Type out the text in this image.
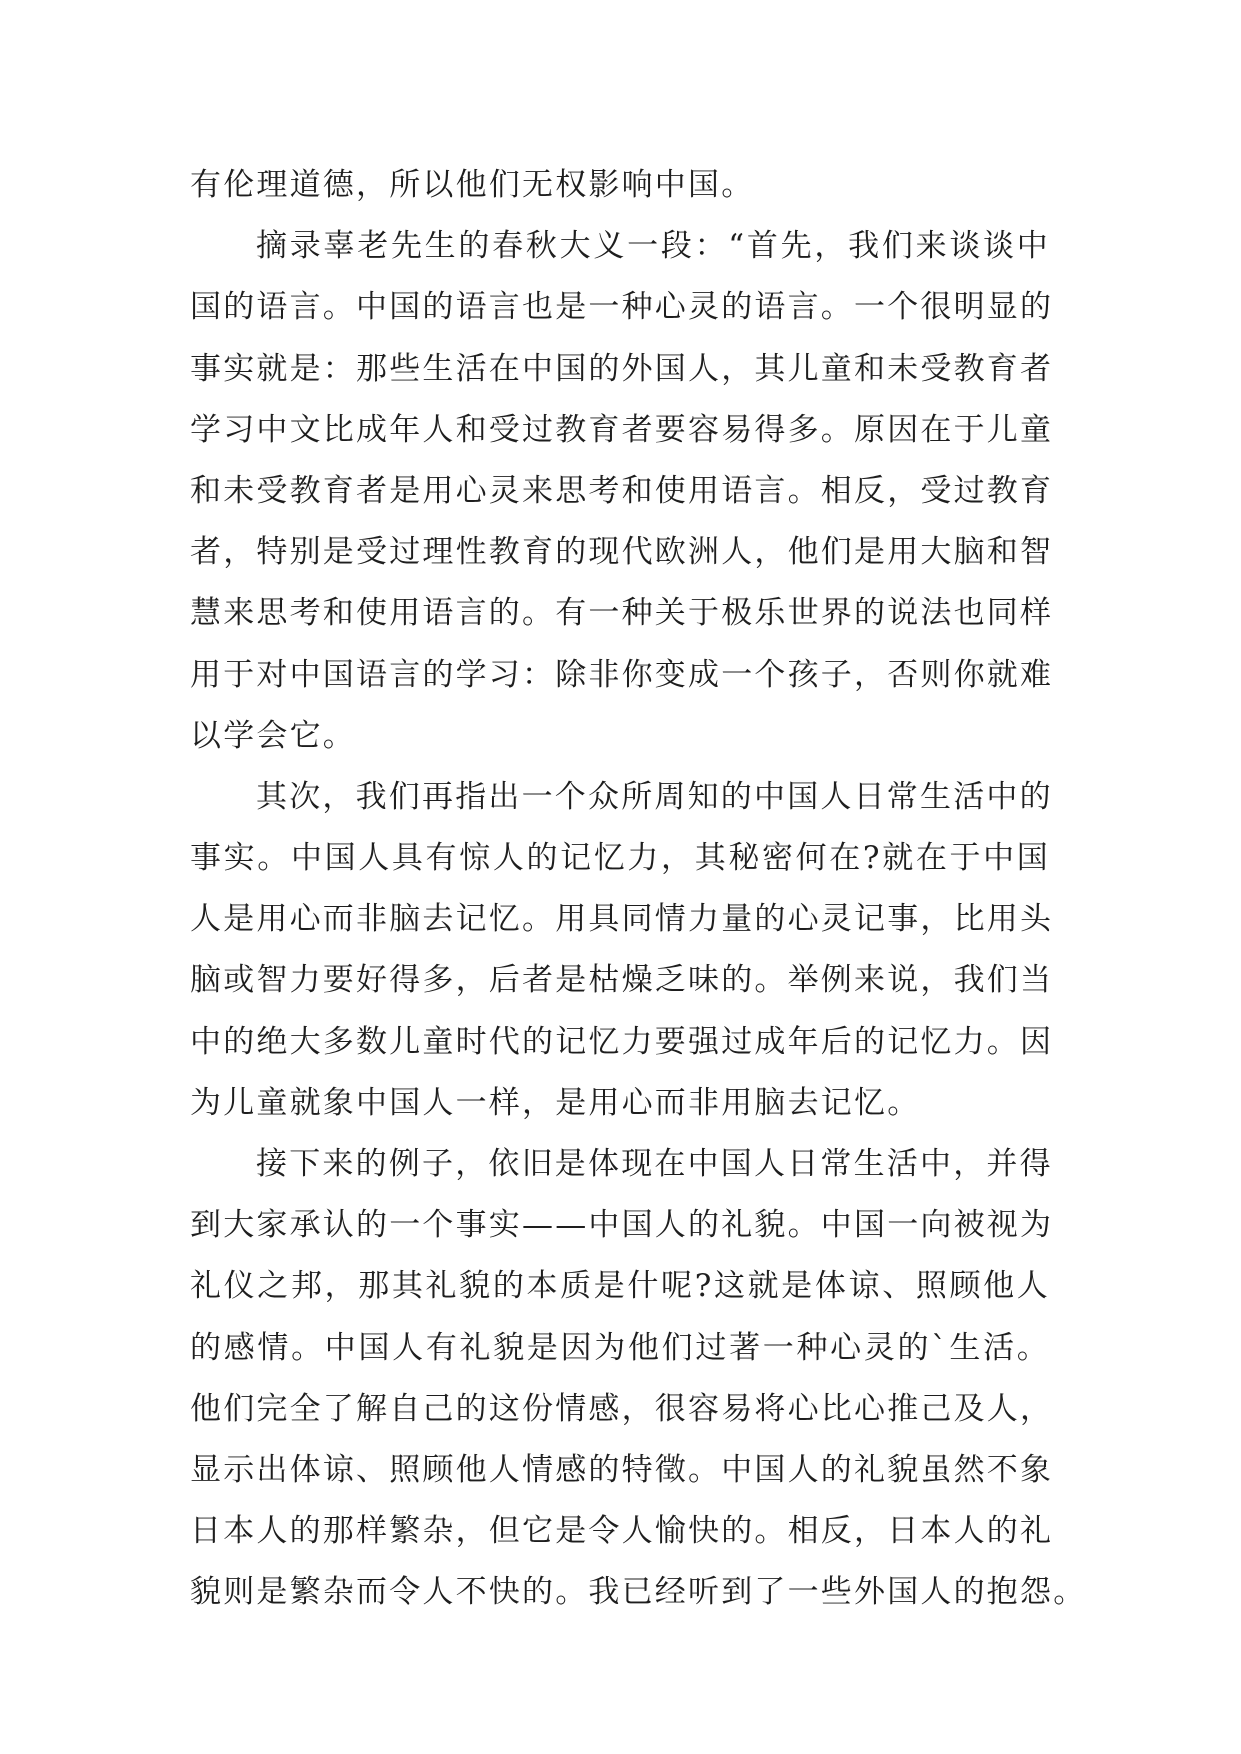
有伦理道德，所以他们无权影响中国。
摘录辜老先生的春秋大义一段：“首先，我们来谈谈中
国的语言。中国的语言也是一种心灵的语言。一个很明显的
事实就是：那些生活在中国的外国人，其儿童和未受教育者
学习中文比成年人和受过教育者要容易得多。原因在于儿童
和未受教育者是用心灵来思考和使用语言。相反，受过教育
者，特别是受过理性教育的现代欧洲人，他们是用大脑和智
慧来思考和使用语言的。有一种关于极乐世界的说法也同样
用于对中国语言的学习：除非你变成一个孩子，否则你就难
以学会它。
其次，我们再指出一个众所周知的中国人日常生活中的
事实。中国人具有惊人的记忆力，其秘密何在?就在于中国
人是用心而非脑去记忆。用具同情力量的心灵记事，比用头
脑或智力要好得多，后者是枯燥乏味的。举例来说，我们当
中的绝大多数儿童时代的记忆力要强过成年后的记忆力。因
为儿童就象中国人一样，是用心而非用脑去记忆。
接下来的例子，依旧是体现在中国人日常生活中，并得
到大家承认的一个事实——中国人的礼貌。中国一向被视为
礼仪之邦，那其礼貌的本质是什呢?这就是体谅、照顾他人
的感情。中国人有礼貌是因为他们过著一种心灵的`生活。
他们完全了解自己的这份情感，很容易将心比心推己及人，
显示出体谅、照顾他人情感的特徵。中国人的礼貌虽然不象
日本人的那样繁杂，但它是令人愉快的。相反，日本人的礼
貌则是繁杂而令人不快的。我已经听到了一些外国人的抱怨。
